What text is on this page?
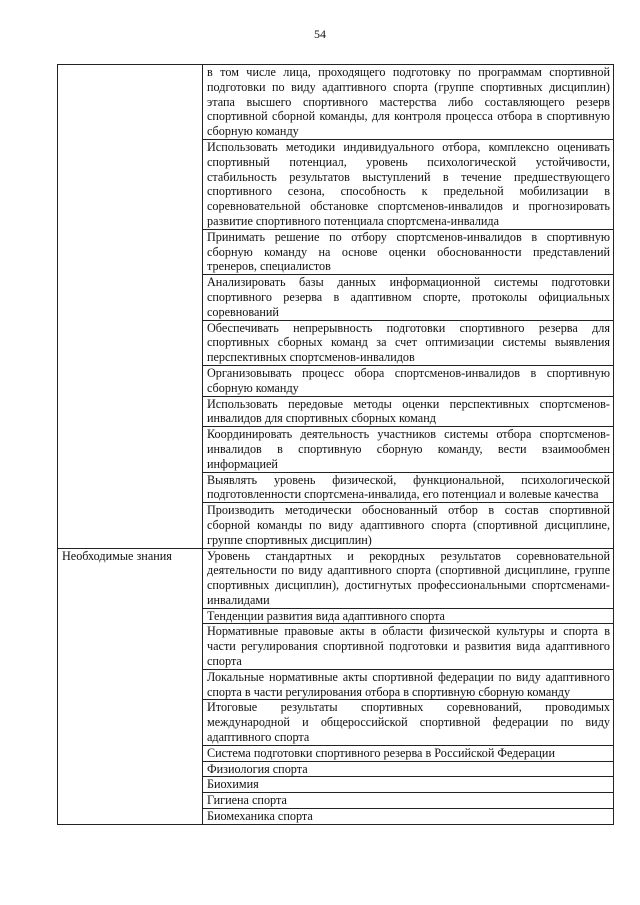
54
	в том числе лица, проходящего подготовку по программам спортивной подготовки по виду адаптивного спорта (группе спортивных дисциплин) этапа высшего спортивного мастерства либо составляющего резерв спортивной сборной команды, для контроля процесса отбора в спортивную сборную команду
	Использовать методики индивидуального отбора, комплексно оценивать спортивный потенциал, уровень психологической устойчивости, стабильность результатов выступлений в течение предшествующего спортивного сезона, способность к предельной мобилизации в соревновательной обстановке спортсменов-инвалидов и прогнозировать развитие спортивного потенциала спортсмена-инвалида
	Принимать решение по отбору спортсменов-инвалидов в спортивную сборную команду на основе оценки обоснованности представлений тренеров, специалистов
	Анализировать базы данных информационной системы подготовки спортивного резерва в адаптивном спорте, протоколы официальных соревнований
	Обеспечивать непрерывность подготовки спортивного резерва для спортивных сборных команд за счет оптимизации системы выявления перспективных спортсменов-инвалидов
	Организовывать процесс обора спортсменов-инвалидов в спортивную сборную команду
	Использовать передовые методы оценки перспективных спортсменов-инвалидов для спортивных сборных команд
	Координировать деятельность участников системы отбора спортсменов-инвалидов в спортивную сборную команду, вести взаимообмен информацией
	Выявлять уровень физической, функциональной, психологической подготовленности спортсмена-инвалида, его потенциал и волевые качества
	Производить методически обоснованный отбор в состав спортивной сборной команды по виду адаптивного спорта (спортивной дисциплине, группе спортивных дисциплин)

Необходимые знания	Уровень стандартных и рекордных результатов соревновательной деятельности по виду адаптивного спорта (спортивной дисциплине, группе спортивных дисциплин), достигнутых профессиональными спортсменами-инвалидами
	Тенденции развития вида адаптивного спорта
	Нормативные правовые акты в области физической культуры и спорта в части регулирования спортивной подготовки и развития вида адаптивного спорта
	Локальные нормативные акты спортивной федерации по виду адаптивного спорта в части регулирования отбора в спортивную сборную команду
	Итоговые результаты спортивных соревнований, проводимых международной и общероссийской спортивной федерации по виду адаптивного спорта
	Система подготовки спортивного резерва в Российской Федерации
	Физиология спорта
	Биохимия
	Гигиена спорта
	Биомеханика спорта
